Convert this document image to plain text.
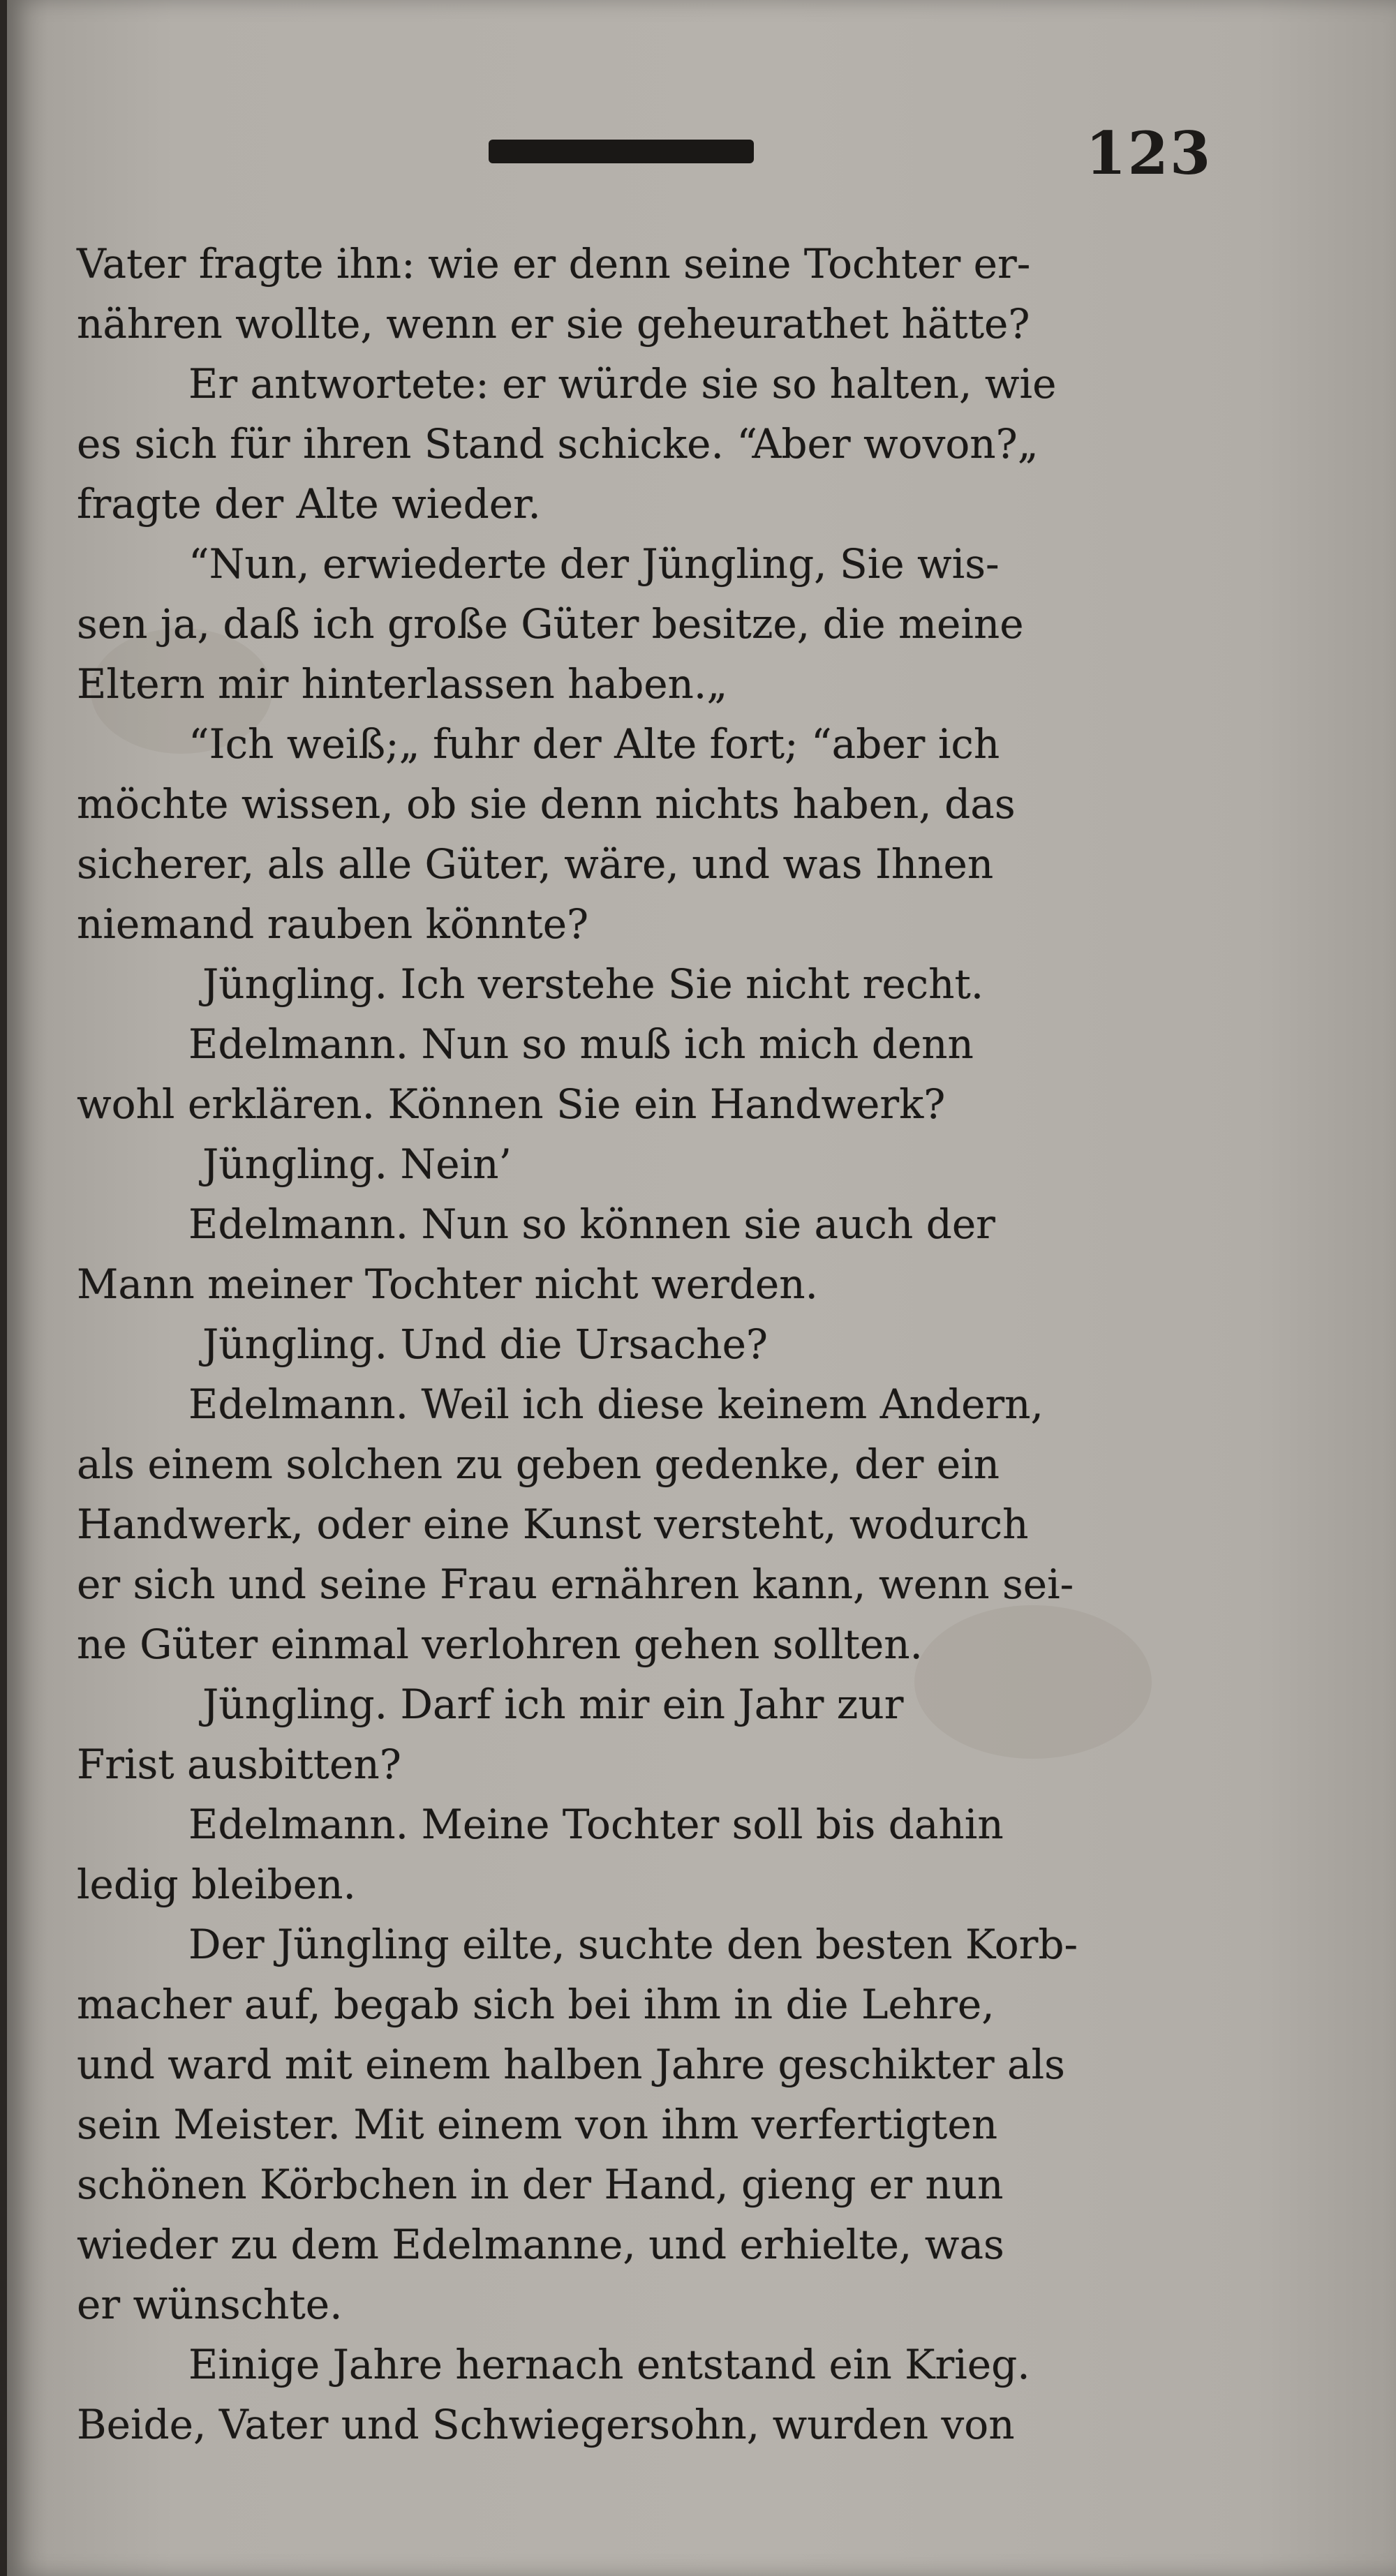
123
Vater fragte ihn: wie er denn seine Tochter er-
nähren wollte, wenn er sie geheurathet hätte?
Er antwortete: er würde sie so halten, wie
es sich für ihren Stand schicke. “Aber wovon?„
fragte der Alte wieder.
“Nun, erwiederte der Jüngling, Sie wis-
sen ja, daß ich große Güter besitze, die meine
Eltern mir hinterlassen haben.„
“Ich weiß;„ fuhr der Alte fort; “aber ich
möchte wissen, ob sie denn nichts haben, das
sicherer, als alle Güter, wäre, und was Ihnen
niemand rauben könnte?
Jüngling. Ich verstehe Sie nicht recht.
Edelmann. Nun so muß ich mich denn
wohl erklären. Können Sie ein Handwerk?
Jüngling. Nein’
Edelmann. Nun so können sie auch der
Mann meiner Tochter nicht werden.
Jüngling. Und die Ursache?
Edelmann. Weil ich diese keinem Andern,
als einem solchen zu geben gedenke, der ein
Handwerk, oder eine Kunst versteht, wodurch
er sich und seine Frau ernähren kann, wenn sei-
ne Güter einmal verlohren gehen sollten.
Jüngling. Darf ich mir ein Jahr zur
Frist ausbitten?
Edelmann. Meine Tochter soll bis dahin
ledig bleiben.
Der Jüngling eilte, suchte den besten Korb-
macher auf, begab sich bei ihm in die Lehre,
und ward mit einem halben Jahre geschikter als
sein Meister. Mit einem von ihm verfertigten
schönen Körbchen in der Hand, gieng er nun
wieder zu dem Edelmanne, und erhielte, was
er wünschte.
Einige Jahre hernach entstand ein Krieg.
Beide, Vater und Schwiegersohn, wurden von
